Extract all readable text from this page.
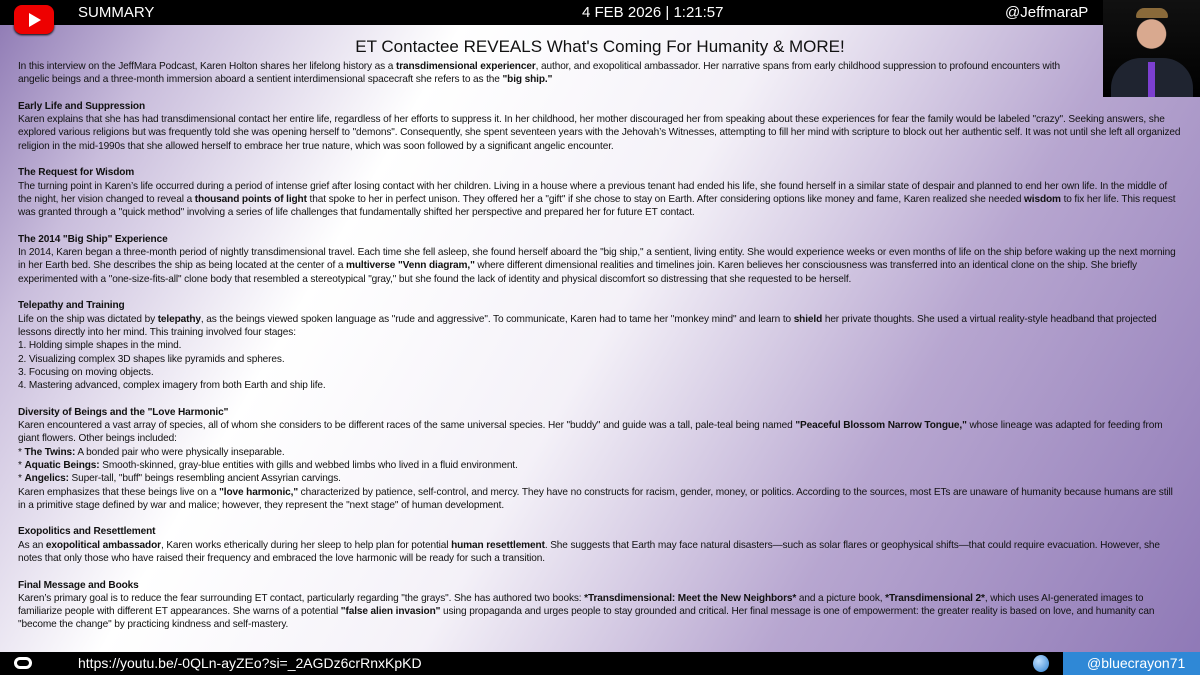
SUMMARY	4 FEB 2026 | 1:21:57	@JeffmaraP
ET Contactee REVEALS What's Coming For Humanity & MORE!

In this interview on the JeffMara Podcast, Karen Holton shares her lifelong history as a transdimensional experiencer, author, and exopolitical ambassador. Her narrative spans from early childhood suppression to profound encounters with angelic beings and a three-month immersion aboard a sentient interdimensional spacecraft she refers to as the "big ship."

Early Life and Suppression
Karen explains that she has had transdimensional contact her entire life, regardless of her efforts to suppress it. In her childhood, her mother discouraged her from speaking about these experiences for fear the family would be labeled "crazy". Seeking answers, she explored various religions but was frequently told she was opening herself to "demons". Consequently, she spent seventeen years with the Jehovah’s Witnesses, attempting to fill her mind with scripture to block out her authentic self. It was not until she left all organized religion in the mid-1990s that she allowed herself to embrace her true nature, which was soon followed by a significant angelic encounter.

The Request for Wisdom
The turning point in Karen’s life occurred during a period of intense grief after losing contact with her children. Living in a house where a previous tenant had ended his life, she found herself in a similar state of despair and planned to end her own life. In the middle of the night, her vision changed to reveal a thousand points of light that spoke to her in perfect unison. They offered her a "gift" if she chose to stay on Earth. After considering options like money and fame, Karen realized she needed wisdom to fix her life. This request was granted through a "quick method" involving a series of life challenges that fundamentally shifted her perspective and prepared her for future ET contact.

The 2014 "Big Ship" Experience
In 2014, Karen began a three-month period of nightly transdimensional travel. Each time she fell asleep, she found herself aboard the "big ship," a sentient, living entity. She would experience weeks or even months of life on the ship before waking up the next morning in her Earth bed. She describes the ship as being located at the center of a multiverse "Venn diagram," where different dimensional realities and timelines join. Karen believes her consciousness was transferred into an identical clone on the ship. She briefly experimented with a "one-size-fits-all" clone body that resembled a stereotypical "gray," but she found the lack of identity and physical discomfort so distressing that she requested to be herself.

Telepathy and Training
Life on the ship was dictated by telepathy, as the beings viewed spoken language as "rude and aggressive". To communicate, Karen had to tame her "monkey mind" and learn to shield her private thoughts. She used a virtual reality-style headband that projected lessons directly into her mind. This training involved four stages:
1. Holding simple shapes in the mind.
2. Visualizing complex 3D shapes like pyramids and spheres.
3. Focusing on moving objects.
4. Mastering advanced, complex imagery from both Earth and ship life.

Diversity of Beings and the "Love Harmonic"
Karen encountered a vast array of species, all of whom she considers to be different races of the same universal species. Her "buddy" and guide was a tall, pale-teal being named "Peaceful Blossom Narrow Tongue," whose lineage was adapted for feeding from giant flowers. Other beings included:
* The Twins: A bonded pair who were physically inseparable.
* Aquatic Beings: Smooth-skinned, gray-blue entities with gills and webbed limbs who lived in a fluid environment.
* Angelics: Super-tall, "buff" beings resembling ancient Assyrian carvings.
Karen emphasizes that these beings live on a "love harmonic," characterized by patience, self-control, and mercy. They have no constructs for racism, gender, money, or politics. According to the sources, most ETs are unaware of humanity because humans are still in a primitive stage defined by war and malice; however, they represent the "next stage" of human development.

Exopolitics and Resettlement
As an exopolitical ambassador, Karen works etherically during her sleep to help plan for potential human resettlement. She suggests that Earth may face natural disasters—such as solar flares or geophysical shifts—that could require evacuation. However, she notes that only those who have raised their frequency and embraced the love harmonic will be ready for such a transition.

Final Message and Books
Karen’s primary goal is to reduce the fear surrounding ET contact, particularly regarding "the grays". She has authored two books: *Transdimensional: Meet the New Neighbors* and a picture book, *Transdimensional 2*, which uses AI-generated images to familiarize people with different ET appearances. She warns of a potential "false alien invasion" using propaganda and urges people to stay grounded and critical. Her final message is one of empowerment: the greater reality is based on love, and humanity can "become the change" by practicing kindness and self-mastery.

https://youtu.be/-0QLn-ayZEo?si=_2AGDz6crRnxKpKD	@bluecrayon71
